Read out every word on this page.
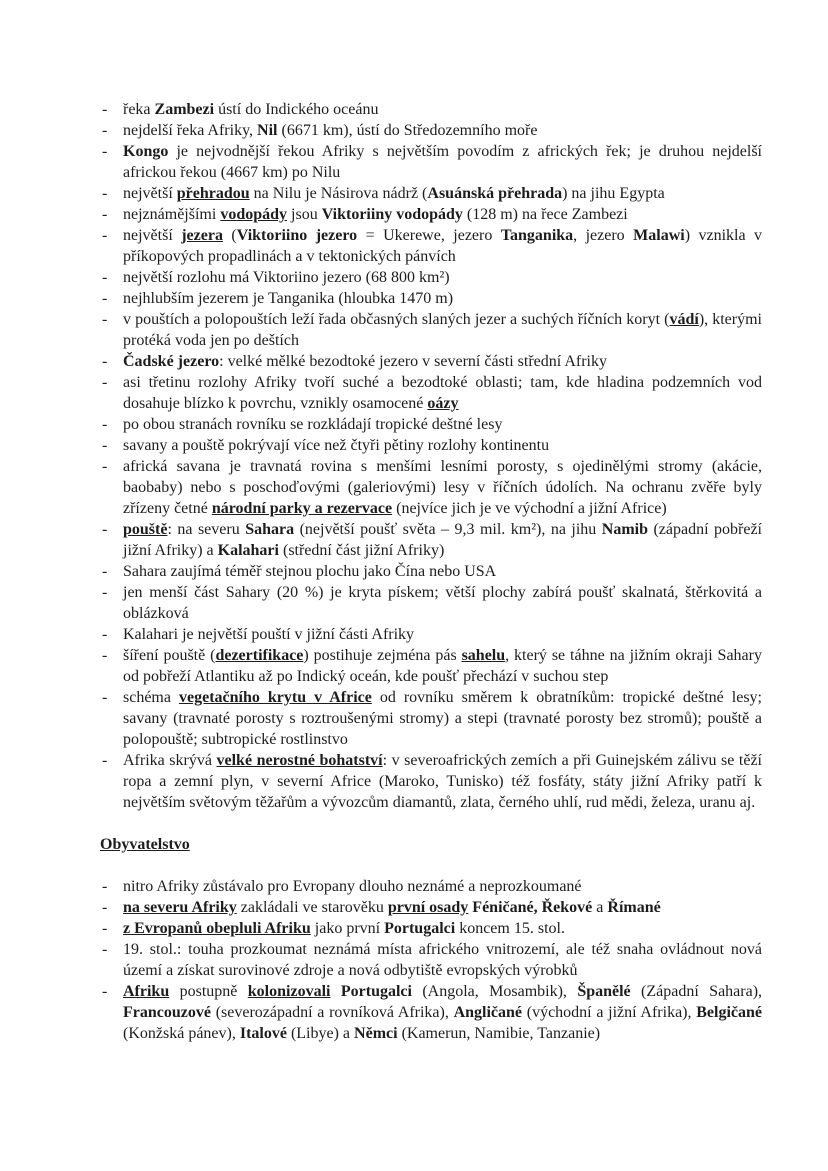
- řeka Zambezi ústí do Indického oceánu
- nejdelší řeka Afriky, Nil (6671 km), ústí do Středozemního moře
- Kongo je nejvodnější řekou Afriky s největším povodím z afrických řek; je druhou nejdelší africkou řekou (4667 km) po Nilu
- největší přehradou na Nilu je Násirova nádrž (Asuánská přehrada) na jihu Egypta
- nejznámějšími vodopády jsou Viktoriiny vodopády (128 m) na řece Zambezi
- největší jezera (Viktoriino jezero = Ukerewe, jezero Tanganika, jezero Malawi) vznikla v příkopových propadlinách a v tektonických pánvích
- největší rozlohu má Viktoriino jezero (68 800 km²)
- nejhlubším jezerem je Tanganika (hloubka 1470 m)
- v pouštích a polopouštích leží řada občasných slaných jezer a suchých říčních koryt (vádí), kterými protéká voda jen po deštích
- Čadské jezero: velké mělké bezodtoké jezero v severní části střední Afriky
- asi třetinu rozlohy Afriky tvoří suché a bezodtoké oblasti; tam, kde hladina podzemních vod dosahuje blízko k povrchu, vznikly osamocené oázy
- po obou stranách rovníku se rozkládají tropické deštné lesy
- savany a pouště pokrývají více než čtyři pětiny rozlohy kontinentu
- africká savana je travnatá rovina s menšími lesními porosty, s ojedinělými stromy (akácie, baobaby) nebo s poschoďovými (galeriovými) lesy v říčních údolích. Na ochranu zvěře byly zřízeny četné národní parky a rezervace (nejvíce jich je ve východní a jižní Africe)
- pouště: na severu Sahara (největší poušť světa – 9,3 mil. km²), na jihu Namib (západní pobřeží jižní Afriky) a Kalahari (střední část jižní Afriky)
- Sahara zaujímá téměř stejnou plochu jako Čína nebo USA
- jen menší část Sahary (20 %) je kryta pískem; větší plochy zabírá poušť skalnatá, štěrkovitá a oblázková
- Kalahari je největší pouští v jižní části Afriky
- šíření pouště (dezertifikace) postihuje zejména pás sahelu, který se táhne na jižním okraji Sahary od pobřeží Atlantiku až po Indický oceán, kde poušť přechází v suchou step
- schéma vegetačního krytu v Africe od rovníku směrem k obratníkům: tropické deštné lesy; savany (travnaté porosty s roztroušenými stromy) a stepi (travnaté porosty bez stromů); pouště a polopouště; subtropické rostlinstvo
- Afrika skrývá velké nerostné bohatství: v severoafrických zemích a při Guinejském zálivu se těží ropa a zemní plyn, v severní Africe (Maroko, Tunisko) též fosfáty, státy jižní Afriky patří k největším světovým těžařům a vývozcům diamantů, zlata, černého uhlí, rud mědi, železa, uranu aj.
Obyvatelstvo
- nitro Afriky zůstávalo pro Evropany dlouho neznámé a neprozkoumané
- na severu Afriky zakládali ve starověku první osady Féničané, Řekové a Římané
- z Evropanů obepluli Afriku jako první Portugalci koncem 15. stol.
- 19. stol.: touha prozkoumat neznámá místa afrického vnitrozemí, ale též snaha ovládnout nová území a získat surovinové zdroje a nová odbytiště evropských výrobků
- Afriku postupně kolonizovali Portugalci (Angola, Mosambik), Španělé (Západní Sahara), Francouzové (severozápadní a rovníková Afrika), Angličané (východní a jižní Afrika), Belgičané (Konžská pánev), Italové (Libye) a Němci (Kamerun, Namibie, Tanzanie)
